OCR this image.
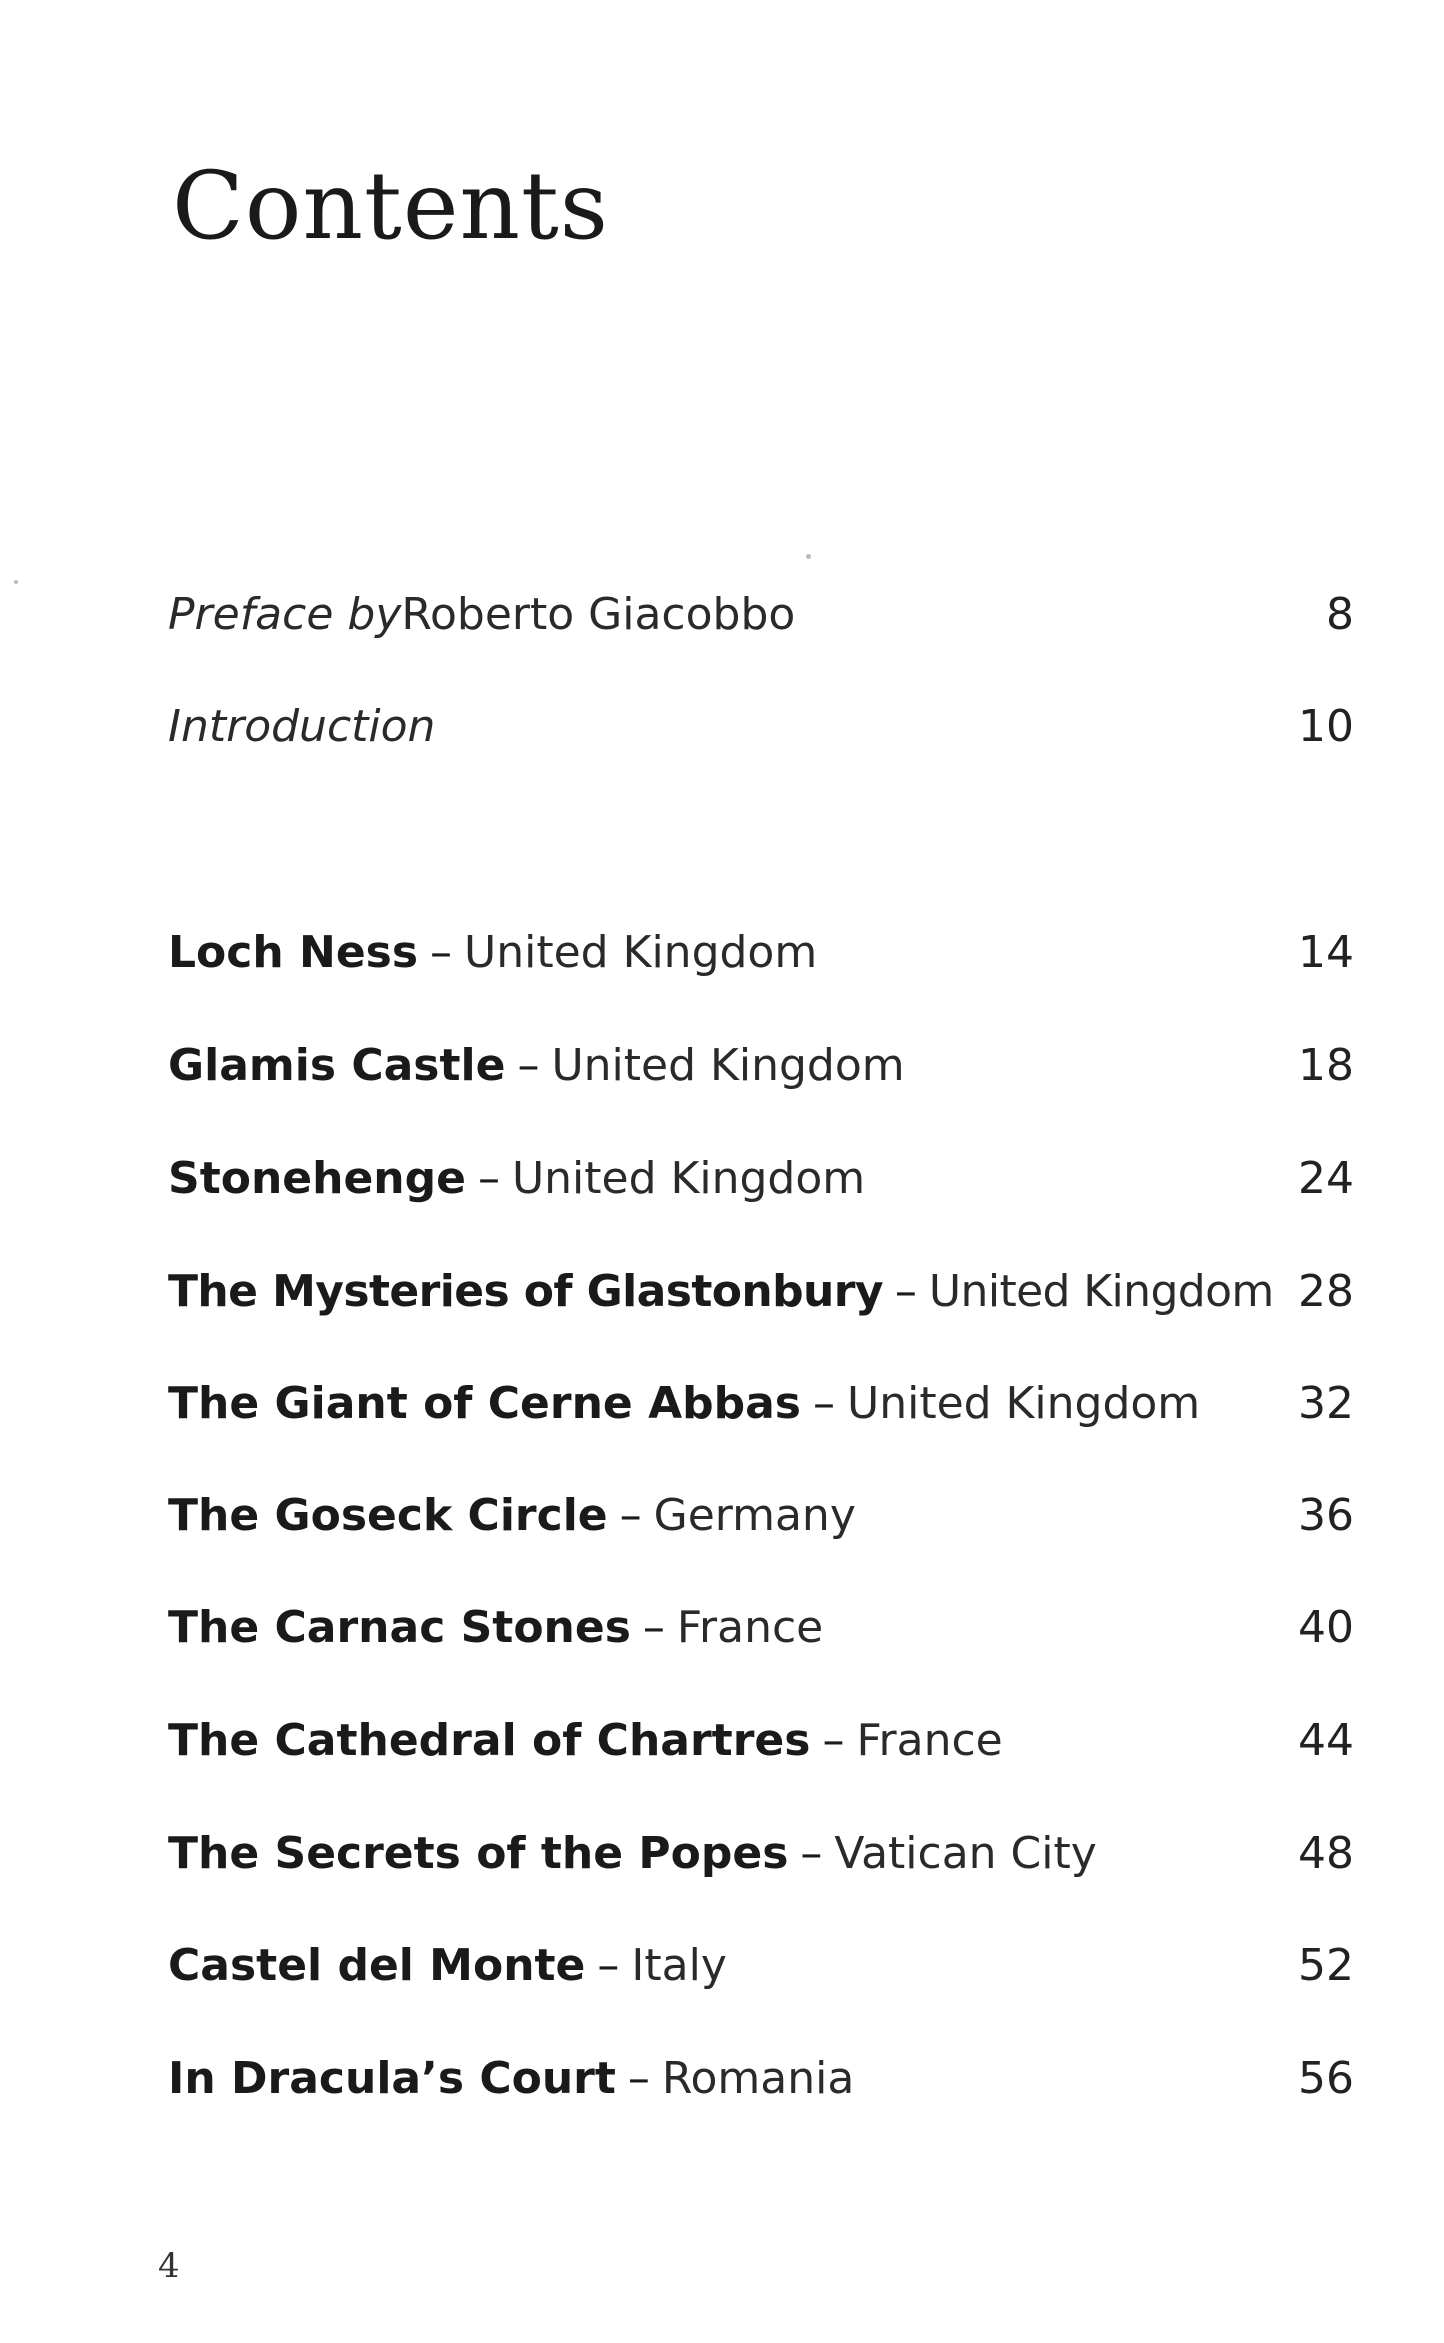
Contents
Preface by Roberto Giacobbo	8
Introduction	10
Loch Ness – United Kingdom	14
Glamis Castle – United Kingdom	18
Stonehenge – United Kingdom	24
The Mysteries of Glastonbury – United Kingdom 28
The Giant of Cerne Abbas – United Kingdom	32
The Goseck Circle – Germany	36
The Carnac Stones – France	40
The Cathedral of Chartres – France	44
The Secrets of the Popes – Vatican City	48
Castel del Monte – Italy	52
In Dracula’s Court – Romania	56
4
